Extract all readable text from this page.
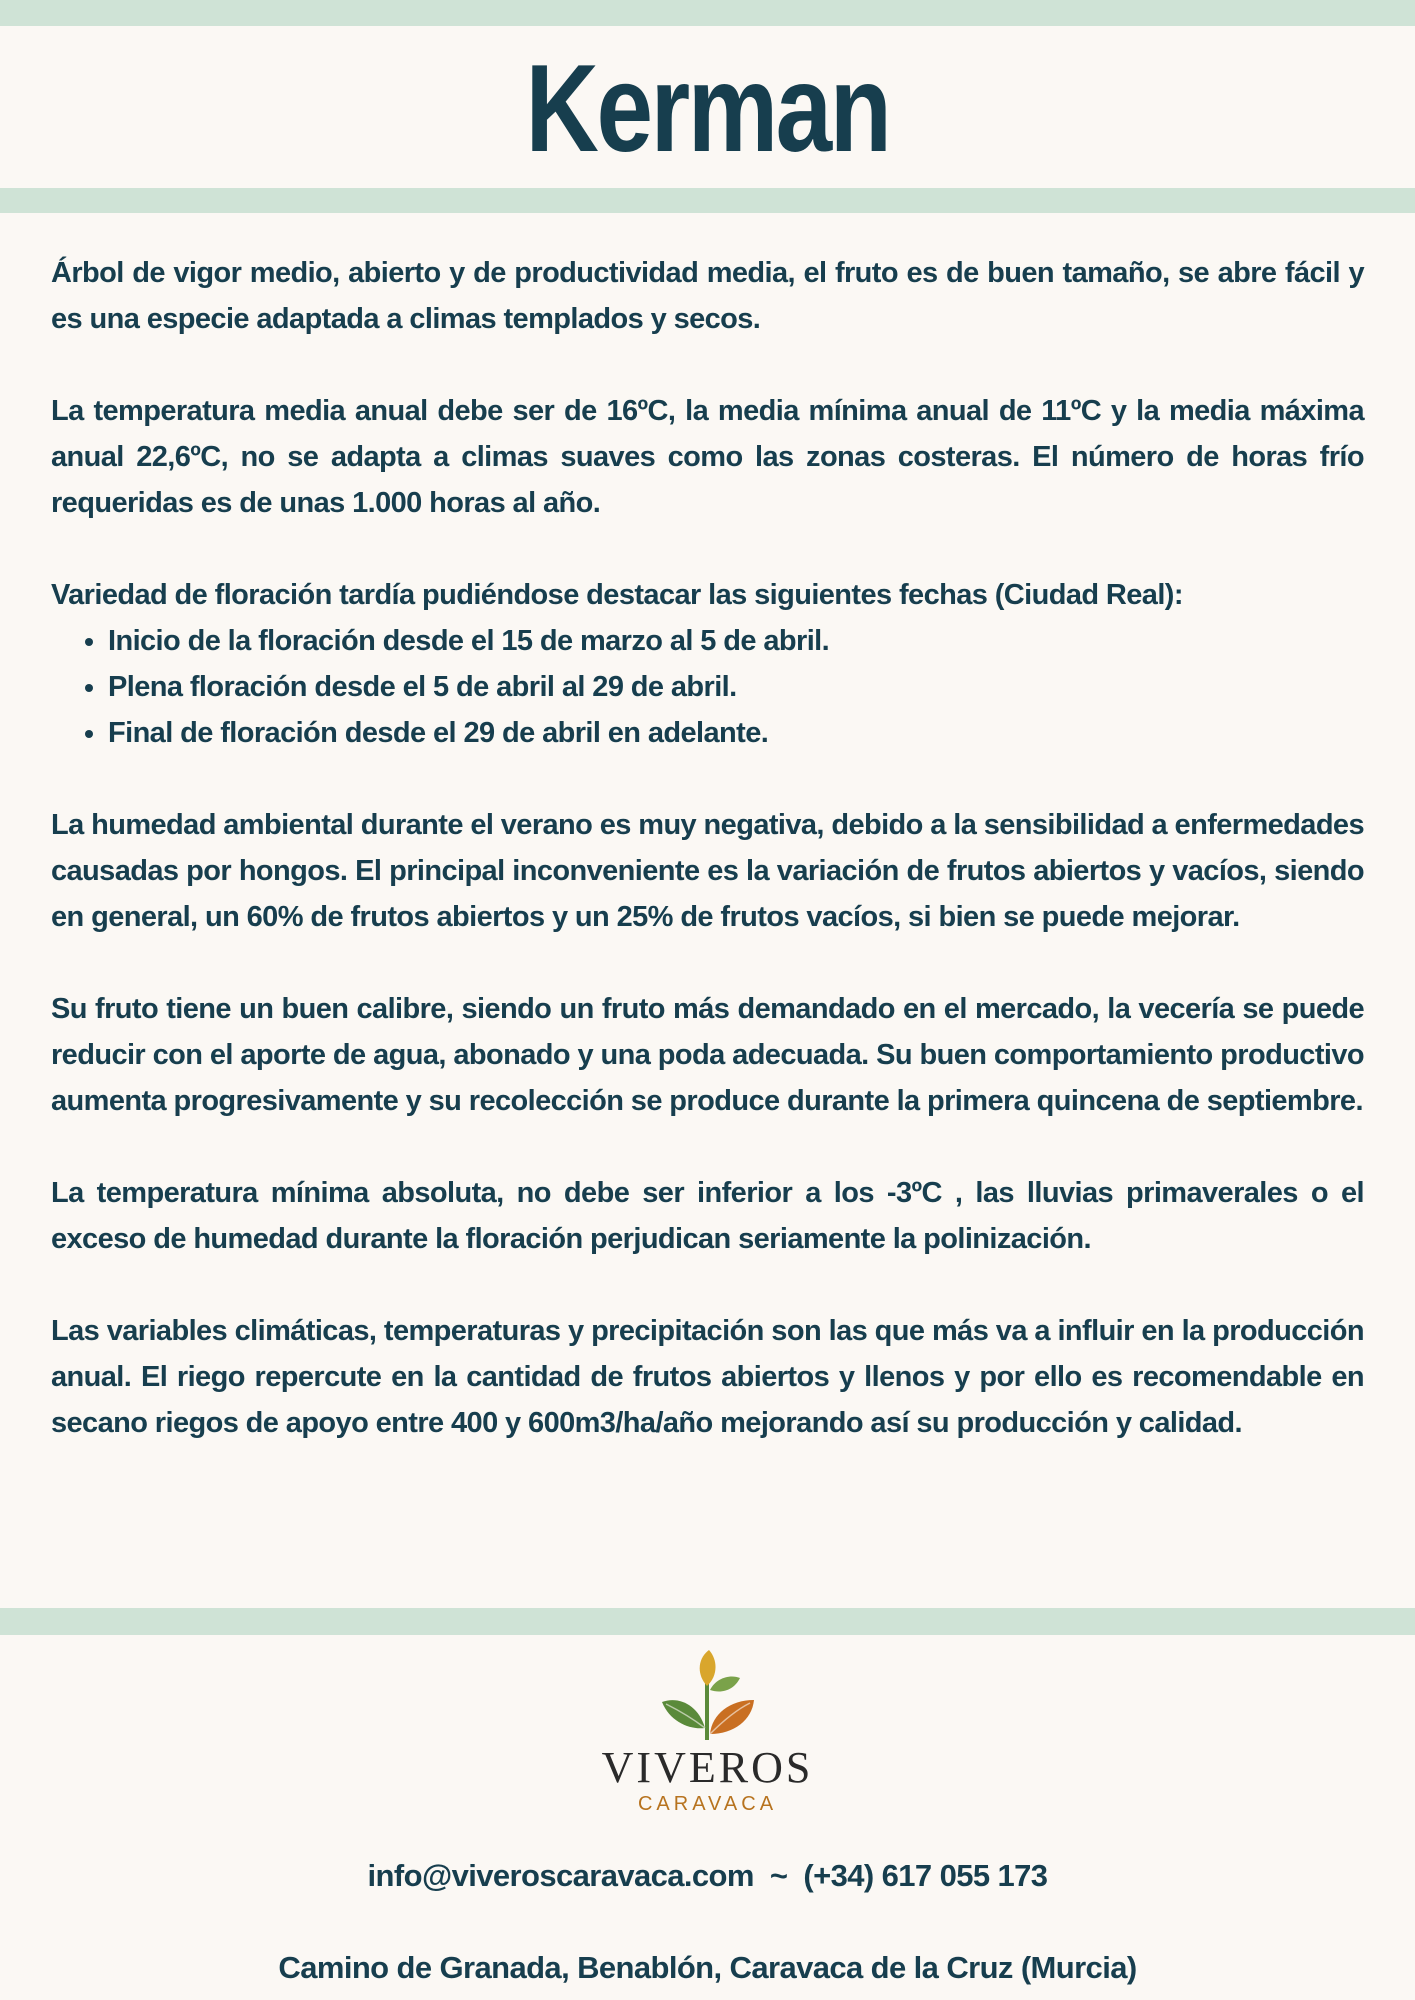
Kerman

Árbol de vigor medio, abierto y de productividad media, el fruto es de buen tamaño, se abre fácil y es una especie adaptada a climas templados y secos.

La temperatura media anual debe ser de 16ºC, la media mínima anual de 11ºC y la media máxima anual 22,6ºC, no se adapta a climas suaves como las zonas costeras. El número de horas frío requeridas es de unas 1.000 horas al año.

Variedad de floración tardía pudiéndose destacar las siguientes fechas (Ciudad Real):

• Inicio de la floración desde el 15 de marzo al 5 de abril.
• Plena floración desde el 5 de abril al 29 de abril.
• Final de floración desde el 29 de abril en adelante.

La humedad ambiental durante el verano es muy negativa, debido a la sensibilidad a enfermedades causadas por hongos. El principal inconveniente es la variación de frutos abiertos y vacíos, siendo en general, un 60% de frutos abiertos y un 25% de frutos vacíos, si bien se puede mejorar.

Su fruto tiene un buen calibre, siendo un fruto más demandado en el mercado, la vecería se puede reducir con el aporte de agua, abonado y una poda adecuada. Su buen comportamiento productivo aumenta progresivamente y su recolección se produce durante la primera quincena de septiembre.

La temperatura mínima absoluta, no debe ser inferior a los -3ºC , las lluvias primaverales o el exceso de humedad durante la floración perjudican seriamente la polinización.

Las variables climáticas, temperaturas y precipitación son las que más va a influir en la producción anual. El riego repercute en la cantidad de frutos abiertos y llenos y por ello es recomendable en secano riegos de apoyo entre 400 y 600m3/ha/año mejorando así su producción y calidad.

VIVEROS
CARAVACA
info@viveroscaravaca.com ~ (+34) 617 055 173
Camino de Granada, Benablón, Caravaca de la Cruz (Murcia)
